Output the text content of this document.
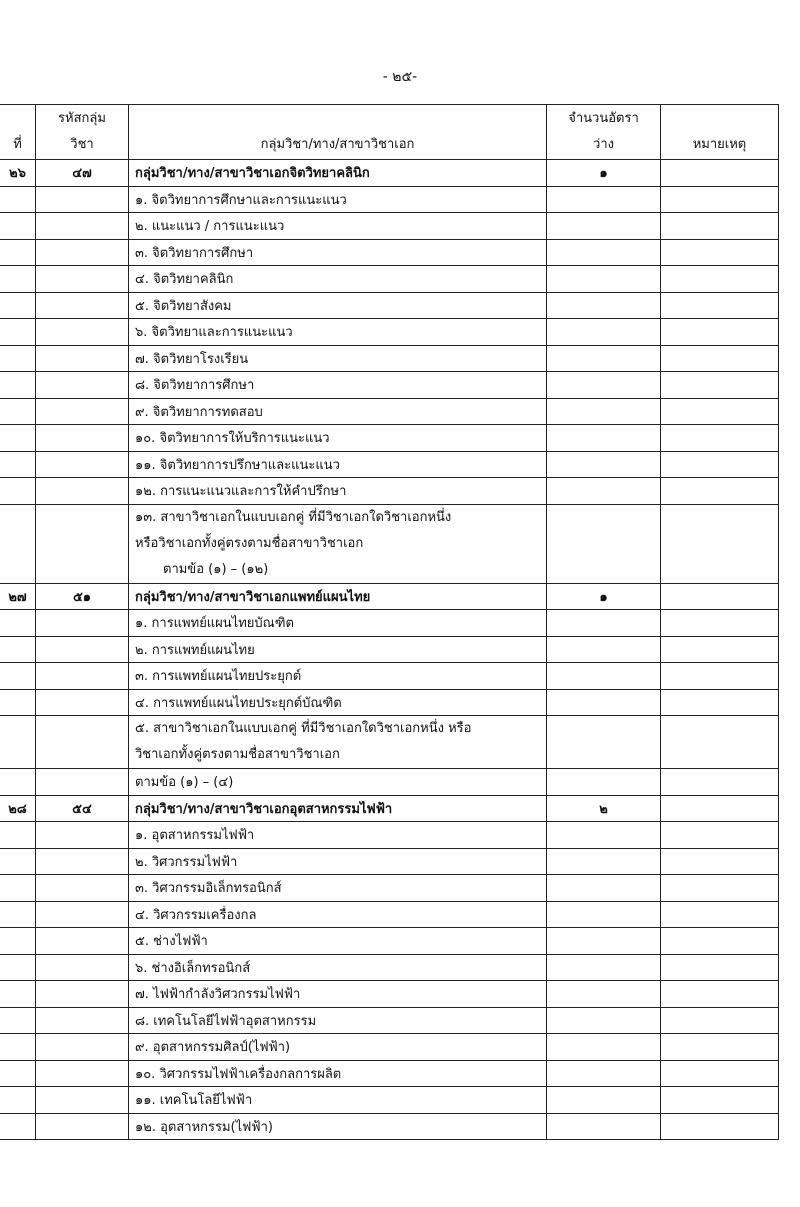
- ๒๕-
ที่	รหัสกลุ่ม
วิชา	กลุ่มวิชา/ทาง/สาขาวิชาเอก	จำนวนอัตรา
ว่าง	หมายเหตุ

๒๖	๔๗	กลุ่มวิชา/ทาง/สาขาวิชาเอกจิตวิทยาคลินิก	๑	
		๑. จิตวิทยาการศึกษาและการแนะแนว		
		๒. แนะแนว / การแนะแนว		
		๓. จิตวิทยาการศึกษา		
		๔. จิตวิทยาคลินิก		
		๕. จิตวิทยาสังคม		
		๖. จิตวิทยาและการแนะแนว		
		๗. จิตวิทยาโรงเรียน		
		๘. จิตวิทยาการศึกษา		
		๙. จิตวิทยาการทดสอบ		
		๑๐. จิตวิทยาการให้บริการแนะแนว		
		๑๑. จิตวิทยาการปรึกษาและแนะแนว		
		๑๒. การแนะแนวและการให้คำปรึกษา		

		๑๓. สาขาวิชาเอกในแบบเอกคู่ ที่มีวิชาเอกใดวิชาเอกหนึ่ง
หรือวิชาเอกทั้งคู่ตรงตามชื่อสาขาวิชาเอก
ตามข้อ (๑) – (๑๒)		

๒๗	๕๑	กลุ่มวิชา/ทาง/สาขาวิชาเอกแพทย์แผนไทย	๑	
		๑. การแพทย์แผนไทยบัณฑิต		
		๒. การแพทย์แผนไทย		
		๓. การแพทย์แผนไทยประยุกต์		
		๔. การแพทย์แผนไทยประยุกต์บัณฑิต		

		๕. สาขาวิชาเอกในแบบเอกคู่ ที่มีวิชาเอกใดวิชาเอกหนึ่ง หรือ
วิชาเอกทั้งคู่ตรงตามชื่อสาขาวิชาเอก		

		ตามข้อ (๑) – (๔)		
๒๘	๕๔	กลุ่มวิชา/ทาง/สาขาวิชาเอกอุตสาหกรรมไฟฟ้า	๒	
		๑. อุตสาหกรรมไฟฟ้า		
		๒. วิศวกรรมไฟฟ้า		
		๓. วิศวกรรมอิเล็กทรอนิกส์		
		๔. วิศวกรรมเครื่องกล		
		๕. ช่างไฟฟ้า		
		๖. ช่างอิเล็กทรอนิกส์		
		๗. ไฟฟ้ากำลังวิศวกรรมไฟฟ้า		
		๘. เทคโนโลยีไฟฟ้าอุตสาหกรรม		
		๙. อุตสาหกรรมศิลป์(ไฟฟ้า)		
		๑๐. วิศวกรรมไฟฟ้าเครื่องกลการผลิต		
		๑๑. เทคโนโลยีไฟฟ้า		
		๑๒. อุตสาหกรรม(ไฟฟ้า)		
